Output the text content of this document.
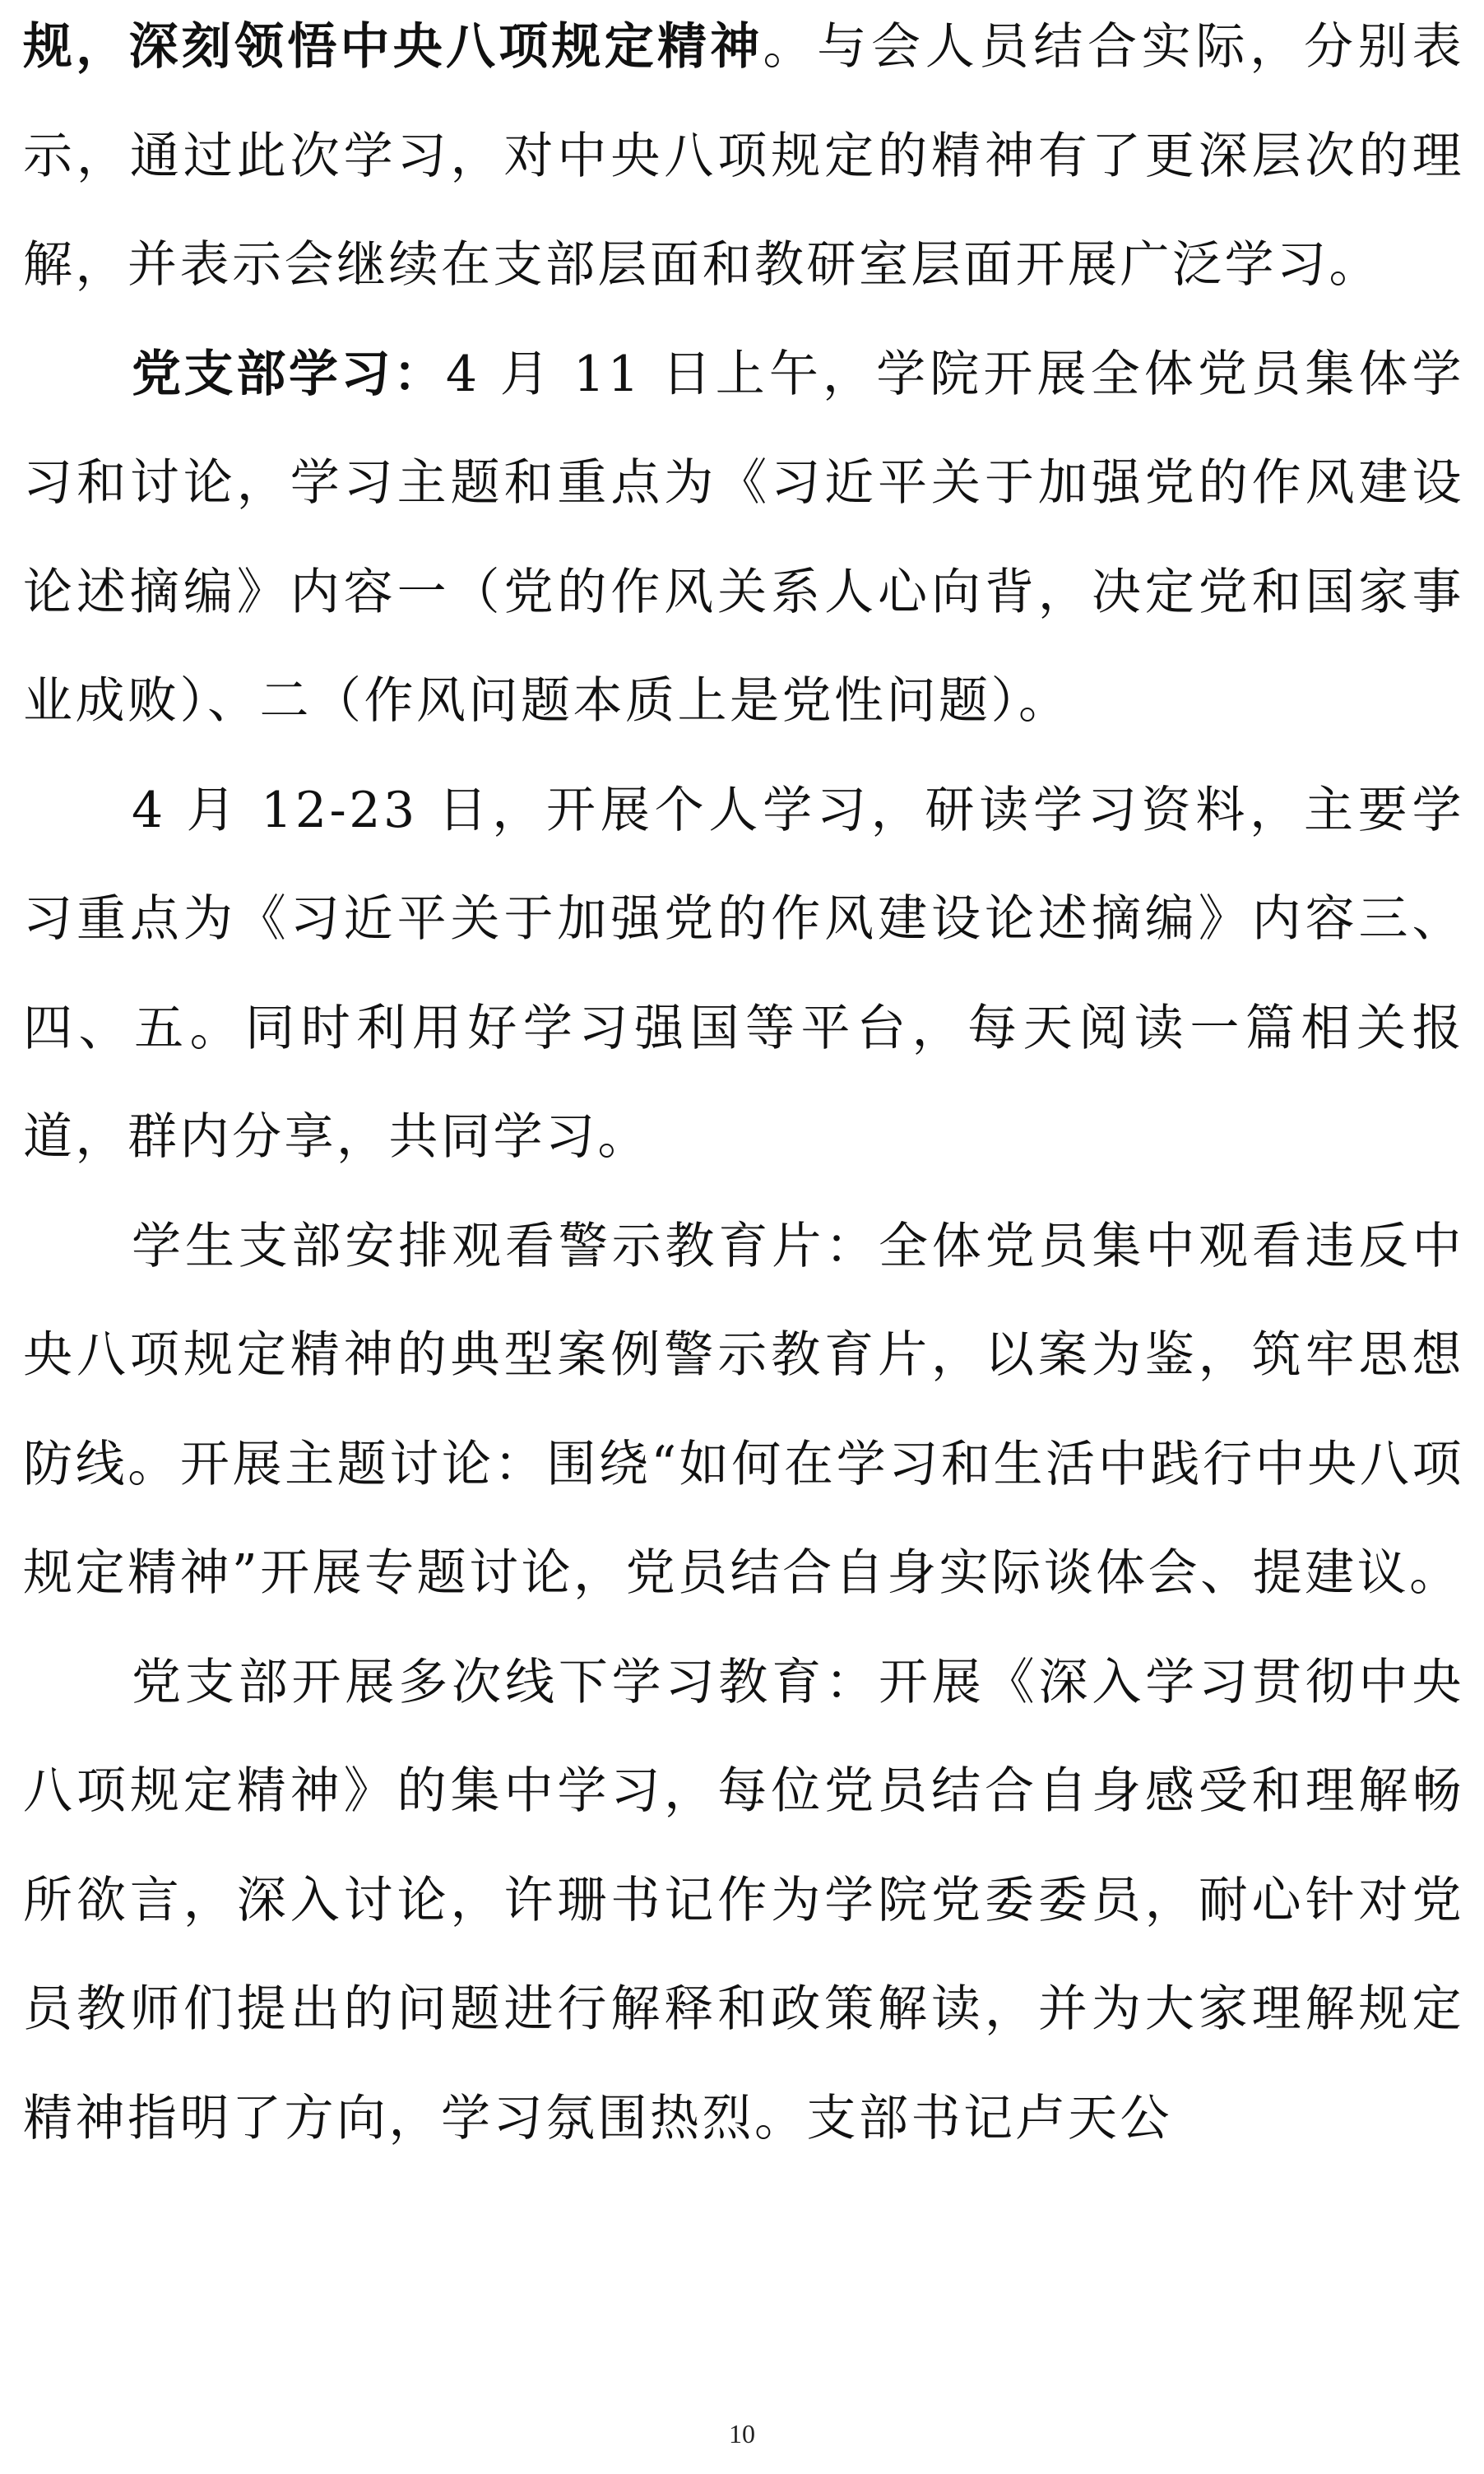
规，深刻领悟中央八项规定精神。与会人员结合实际，分别表示，通过此次学习，对中央八项规定的精神有了更深层次的理解，并表示会继续在支部层面和教研室层面开展广泛学习。

党支部学习：4 月 11 日上午，学院开展全体党员集体学习和讨论，学习主题和重点为《习近平关于加强党的作风建设论述摘编》内容一（党的作风关系人心向背，决定党和国家事业成败）、二（作风问题本质上是党性问题）。

4 月 12-23 日，开展个人学习，研读学习资料，主要学习重点为《习近平关于加强党的作风建设论述摘编》内容三、四、五。同时利用好学习强国等平台，每天阅读一篇相关报道，群内分享，共同学习。

学生支部安排观看警示教育片：全体党员集中观看违反中央八项规定精神的典型案例警示教育片，以案为鉴，筑牢思想防线。开展主题讨论：围绕“如何在学习和生活中践行中央八项规定精神”开展专题讨论，党员结合自身实际谈体会、提建议。

党支部开展多次线下学习教育：开展《深入学习贯彻中央八项规定精神》的集中学习，每位党员结合自身感受和理解畅所欲言，深入讨论，许珊书记作为学院党委委员，耐心针对党员教师们提出的问题进行解释和政策解读，并为大家理解规定精神指明了方向，学习氛围热烈。支部书记卢天公

10
